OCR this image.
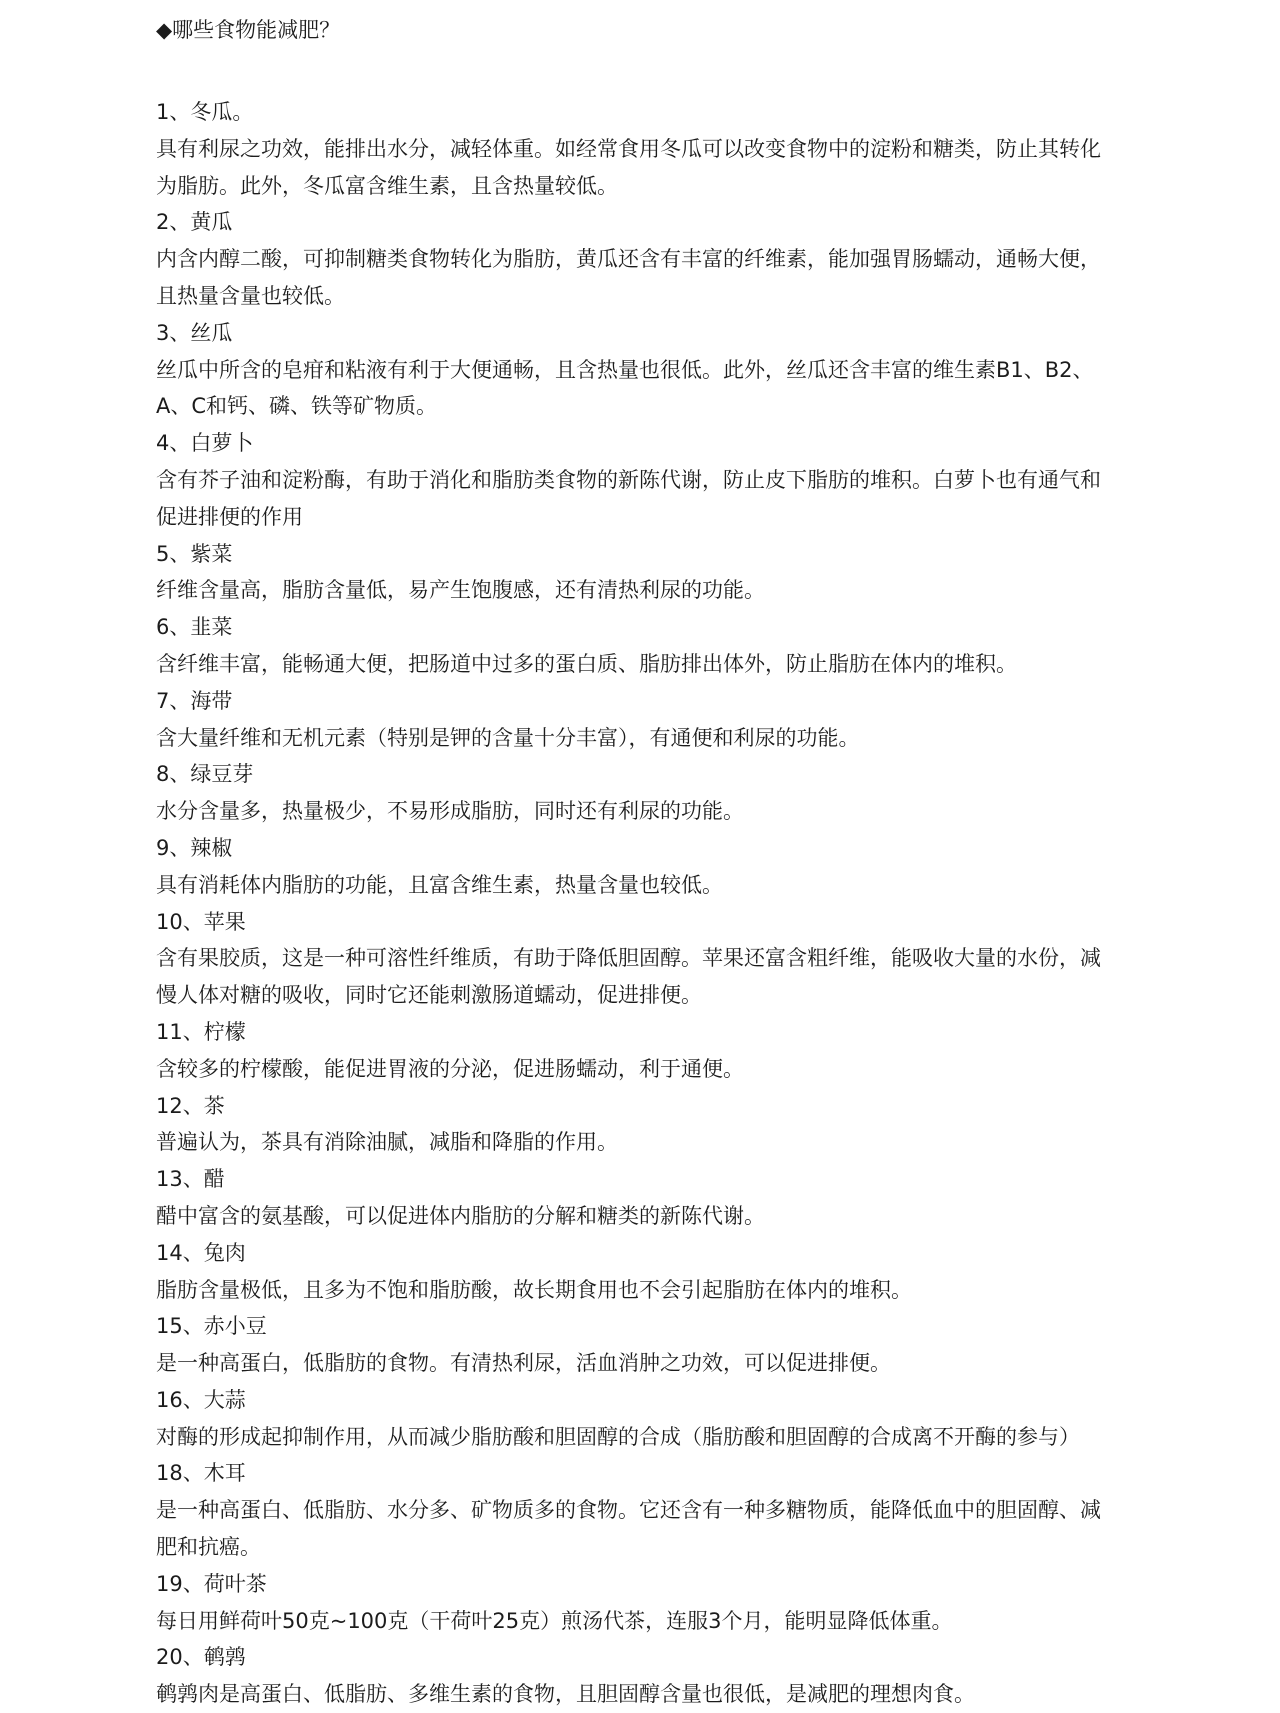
◆哪些食物能减肥？
1、冬瓜。
具有利尿之功效，能排出水分，减轻体重。如经常食用冬瓜可以改变食物中的淀粉和糖类，防止其转化
为脂肪。此外，冬瓜富含维生素，且含热量较低。
2、黄瓜
内含内醇二酸，可抑制糖类食物转化为脂肪，黄瓜还含有丰富的纤维素，能加强胃肠蠕动，通畅大便，
且热量含量也较低。
3、丝瓜
丝瓜中所含的皂疳和粘液有利于大便通畅，且含热量也很低。此外，丝瓜还含丰富的维生素B1、B2、
A、C和钙、磷、铁等矿物质。
4、白萝卜
含有芥子油和淀粉酶，有助于消化和脂肪类食物的新陈代谢，防止皮下脂肪的堆积。白萝卜也有通气和
促进排便的作用
5、紫菜
纤维含量高，脂肪含量低，易产生饱腹感，还有清热利尿的功能。
6、韭菜
含纤维丰富，能畅通大便，把肠道中过多的蛋白质、脂肪排出体外，防止脂肪在体内的堆积。
7、海带
含大量纤维和无机元素（特别是钾的含量十分丰富），有通便和利尿的功能。
8、绿豆芽
水分含量多，热量极少，不易形成脂肪，同时还有利尿的功能。
9、辣椒
具有消耗体内脂肪的功能，且富含维生素，热量含量也较低。
10、苹果
含有果胶质，这是一种可溶性纤维质，有助于降低胆固醇。苹果还富含粗纤维，能吸收大量的水份，减
慢人体对糖的吸收，同时它还能刺激肠道蠕动，促进排便。
11、柠檬
含较多的柠檬酸，能促进胃液的分泌，促进肠蠕动，利于通便。
12、茶
普遍认为，茶具有消除油腻，减脂和降脂的作用。
13、醋
醋中富含的氨基酸，可以促进体内脂肪的分解和糖类的新陈代谢。
14、兔肉
脂肪含量极低，且多为不饱和脂肪酸，故长期食用也不会引起脂肪在体内的堆积。
15、赤小豆
是一种高蛋白，低脂肪的食物。有清热利尿，活血消肿之功效，可以促进排便。
16、大蒜
对酶的形成起抑制作用，从而减少脂肪酸和胆固醇的合成（脂肪酸和胆固醇的合成离不开酶的参与）
18、木耳
是一种高蛋白、低脂肪、水分多、矿物质多的食物。它还含有一种多糖物质，能降低血中的胆固醇、减
肥和抗癌。
19、荷叶茶
每日用鲜荷叶50克~100克（干荷叶25克）煎汤代茶，连服3个月，能明显降低体重。
20、鹌鹑
鹌鹑肉是高蛋白、低脂肪、多维生素的食物，且胆固醇含量也很低，是减肥的理想肉食。
